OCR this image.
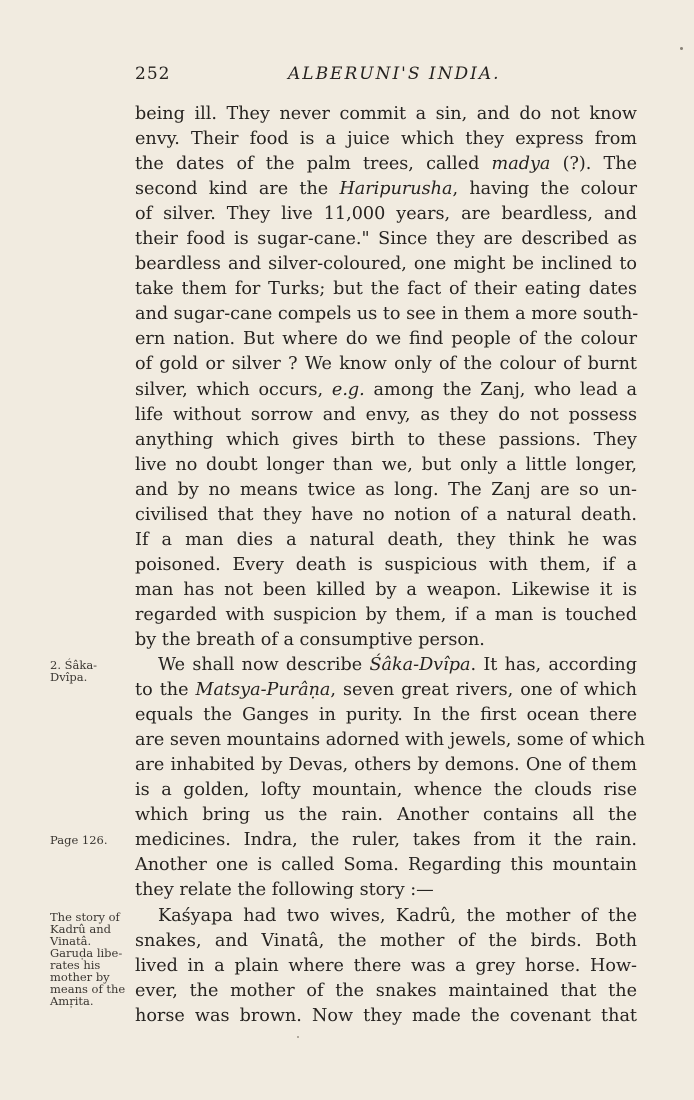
252	ALBERUNI'S INDIA.
being ill. They never commit a sin, and do not know
envy. Their food is a juice which they express from
the dates of the palm trees, called madya (?). The
second kind are the Haripurusha, having the colour
of silver. They live 11,000 years, are beardless, and
their food is sugar-cane." Since they are described as
beardless and silver-coloured, one might be inclined to
take them for Turks; but the fact of their eating dates
and sugar-cane compels us to see in them a more south-
ern nation. But where do we find people of the colour
of gold or silver ? We know only of the colour of burnt
silver, which occurs, e.g. among the Zanj, who lead a
life without sorrow and envy, as they do not possess
anything which gives birth to these passions. They
live no doubt longer than we, but only a little longer,
and by no means twice as long. The Zanj are so un-
civilised that they have no notion of a natural death.
If a man dies a natural death, they think he was
poisoned. Every death is suspicious with them, if a
man has not been killed by a weapon. Likewise it is
regarded with suspicion by them, if a man is touched
by the breath of a consumptive person.
We shall now describe Śâka-Dvîpa. It has, according
to the Matsya-Purâṇa, seven great rivers, one of which
equals the Ganges in purity. In the first ocean there
are seven mountains adorned with jewels, some of which
are inhabited by Devas, others by demons. One of them
is a golden, lofty mountain, whence the clouds rise
which bring us the rain. Another contains all the
medicines. Indra, the ruler, takes from it the rain.
Another one is called Soma. Regarding this mountain
they relate the following story :—
Kaśyapa had two wives, Kadrû, the mother of the
snakes, and Vinatâ, the mother of the birds. Both
lived in a plain where there was a grey horse. How-
ever, the mother of the snakes maintained that the
horse was brown. Now they made the covenant that
2. Śâka-
Dvîpa.
Page 126.
The story of
Kadrû and
Vinatâ.
Garuḍa libe-
rates his
mother by
means of the
Amṛita.
